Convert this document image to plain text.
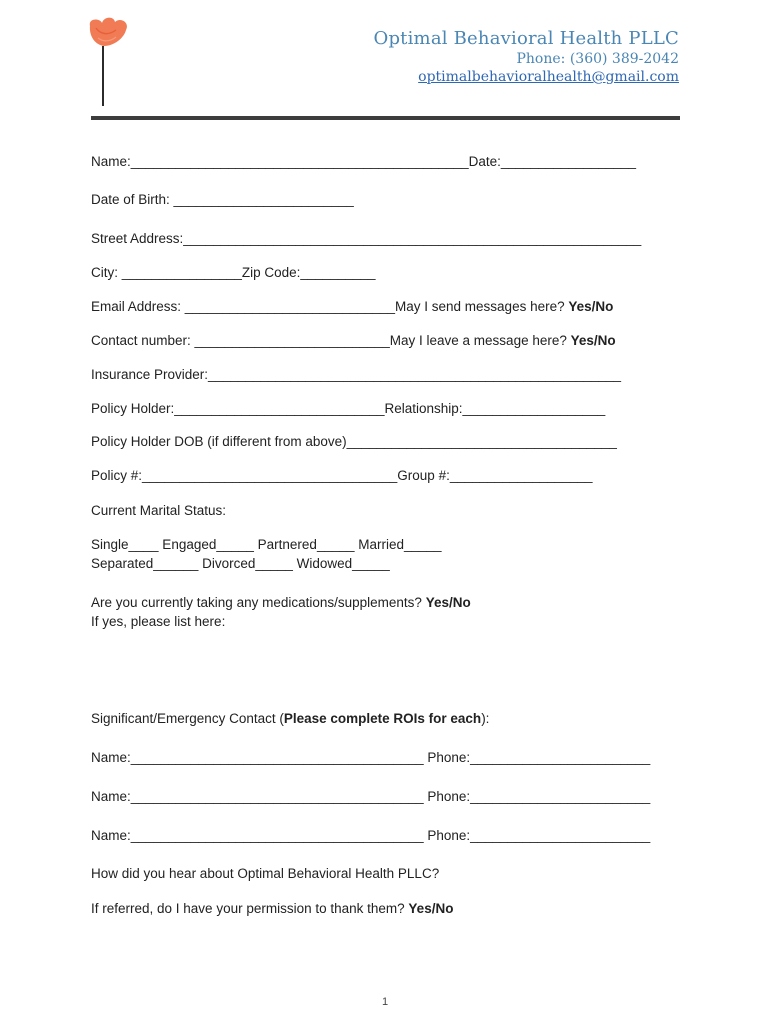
Optimal Behavioral Health PLLC
Phone: (360) 389-2042
optimalbehavioralhealth@gmail.com
Name:_____________________________________________Date:__________________
Date of Birth: ________________________
Street Address:_____________________________________________________________
City: ________________Zip Code:__________
Email Address: ____________________________May I send messages here? Yes/No
Contact number: __________________________May I leave a message here? Yes/No
Insurance Provider:_______________________________________________________
Policy Holder:____________________________Relationship:___________________
Policy Holder DOB (if different from above)____________________________________
Policy #:__________________________________Group #:___________________
Current Marital Status:
Single____ Engaged_____ Partnered_____ Married_____
Separated______ Divorced_____ Widowed_____
Are you currently taking any medications/supplements? Yes/No
If yes, please list here:
Significant/Emergency Contact (Please complete ROIs for each):
Name:_______________________________________ Phone:________________________
Name:_______________________________________ Phone:________________________
Name:_______________________________________ Phone:________________________
How did you hear about Optimal Behavioral Health PLLC?
If referred, do I have your permission to thank them? Yes/No
1
